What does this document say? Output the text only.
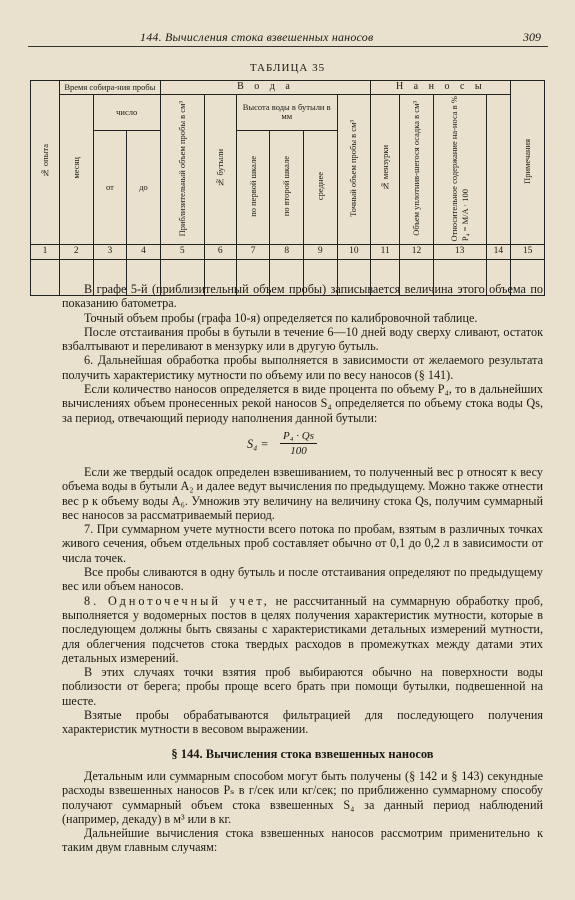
144. Вычисления стока взвешенных наносов	309
ТАБЛИЦА 35
№ опыта	Время собира-ния пробы			В о д а						Н а н о с ы				Примечания
	месяц	число		Приблизительный объем пробы в см³	№ бутыли	Высота воды в бутыли в мм			Точный объем пробы в см³	№ мензурки	Объем уплотнив-шегося осадка в см³	Относительное содержание на-носа в % P₄ = M/A · 100		
		от	до			по первой шкале	по второй шкале	среднее						
1	2	3	4	5	6	7	8	9	10	11	12	13	14	15

В графе 5-й (приблизительный объем пробы) записывается величина этого объема по показанию батометра.

Точный объем пробы (графа 10-я) определяется по калибровочной таблице.

После отстаивания пробы в бутыли в течение 6—10 дней воду сверху сливают, остаток взбалтывают и переливают в мензурку или в другую бутыль.

6. Дальнейшая обработка пробы выполняется в зависимости от желаемого результата получить характеристику мутности по объему или по весу наносов (§ 141).

Если количество наносов определяется в виде процента по объему P₄, то в дальнейших вычислениях объем пронесенных рекой наносов S₄ определяется по объему стока воды Qs, за период, отвечающий периоду наполнения данной бутыли:

$S_4 = \frac{\text{P₄ · Qs}}{100}$

Если же твердый осадок определен взвешиванием, то полученный вес p относят к весу объема воды в бутыли A₂ и далее ведут вычисления по предыдущему. Можно также отнести вес p к объему воды A₆. Умножив эту величину на величину стока Qs, получим суммарный вес наносов за рассматриваемый период.

7. При суммарном учете мутности всего потока по пробам, взятым в различных точках живого сечения, объем отдельных проб составляет обычно от 0,1 до 0,2 л в зависимости от числа точек.

Все пробы сливаются в одну бутыль и после отстаивания определяют по предыдущему вес или объем наносов.

8. Одноточечный учет, не рассчитанный на суммарную обработку проб, выполняется у водомерных постов в целях получения характеристик мутности, которые в последующем должны быть связаны с характеристиками детальных измерений мутности, для облегчения подсчетов стока твердых расходов в промежутках между датами этих детальных измерений.

В этих случаях точки взятия проб выбираются обычно на поверхности воды поблизости от берега; пробы проще всего брать при помощи бутылки, подвешенной на шесте.

Взятые пробы обрабатываются фильтрацией для последующего получения характеристик мутности в весовом выражении.

§ 144. Вычисления стока взвешенных наносов

Детальным или суммарным способом могут быть получены (§ 142 и § 143) секундные расходы взвешенных наносов Pₛ в г/сек или кг/сек; по приближенно суммарному способу получают суммарный объем стока взвешенных S₄ за данный период наблюдений (например, декаду) в м³ или в кг.

Дальнейшие вычисления стока взвешенных наносов рассмотрим применительно к таким двум главным случаям:
